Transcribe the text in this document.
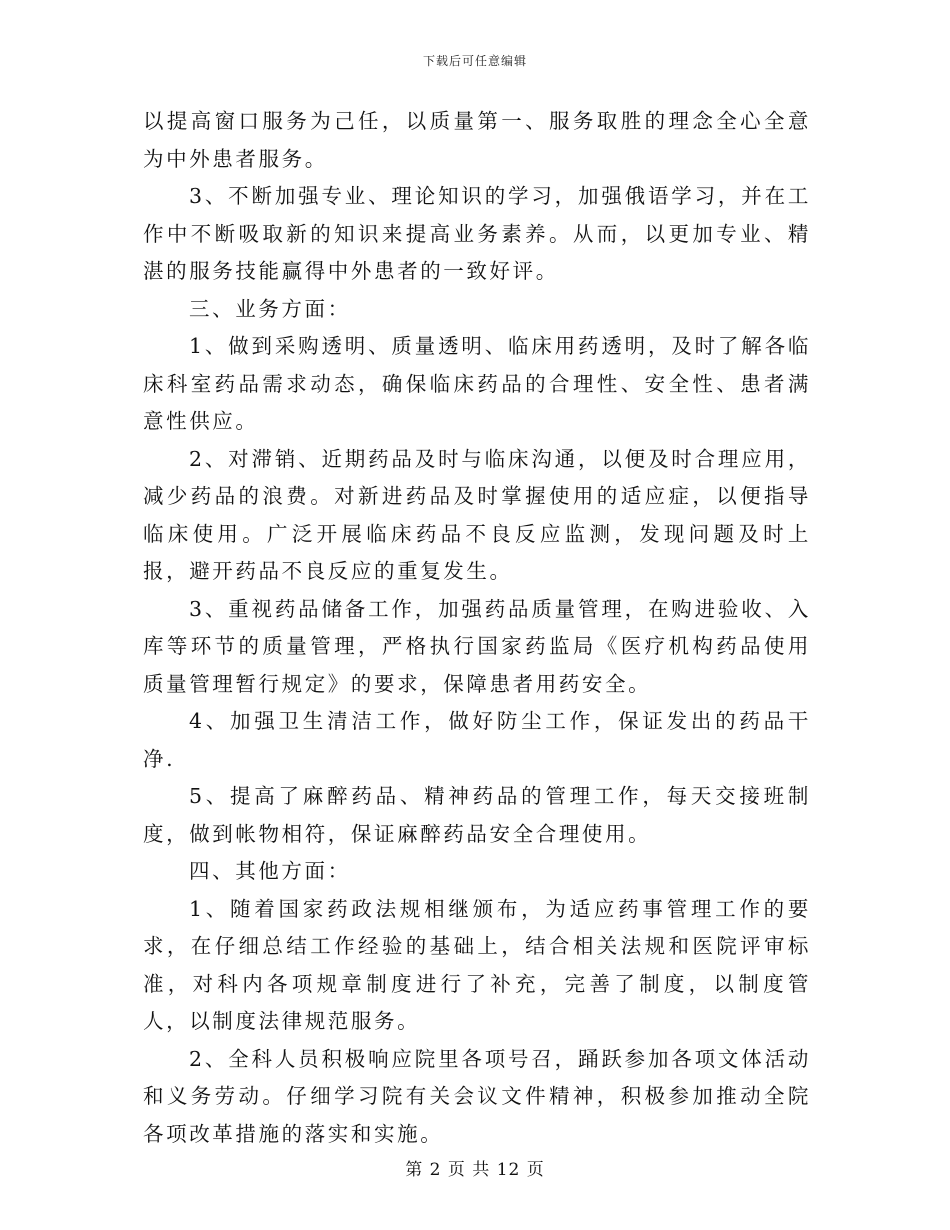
下载后可任意编辑

以提高窗口服务为己任，以质量第一、服务取胜的理念全心全意为中外患者服务。

3、不断加强专业、理论知识的学习，加强俄语学习，并在工作中不断吸取新的知识来提高业务素养。从而，以更加专业、精湛的服务技能赢得中外患者的一致好评。

三、业务方面：

1、做到采购透明、质量透明、临床用药透明，及时了解各临床科室药品需求动态，确保临床药品的合理性、安全性、患者满意性供应。

2、对滞销、近期药品及时与临床沟通，以便及时合理应用，减少药品的浪费。对新进药品及时掌握使用的适应症，以便指导临床使用。广泛开展临床药品不良反应监测，发现问题及时上报，避开药品不良反应的重复发生。

3、重视药品储备工作，加强药品质量管理，在购进验收、入库等环节的质量管理，严格执行国家药监局《医疗机构药品使用质量管理暂行规定》的要求，保障患者用药安全。

4、加强卫生清洁工作，做好防尘工作，保证发出的药品干净.

5、提高了麻醉药品、精神药品的管理工作，每天交接班制度，做到帐物相符，保证麻醉药品安全合理使用。

四、其他方面：

1、随着国家药政法规相继颁布，为适应药事管理工作的要求，在仔细总结工作经验的基础上，结合相关法规和医院评审标准，对科内各项规章制度进行了补充，完善了制度，以制度管人，以制度法律规范服务。

2、全科人员积极响应院里各项号召，踊跃参加各项文体活动和义务劳动。仔细学习院有关会议文件精神，积极参加推动全院各项改革措施的落实和实施。

第 2 页 共 12 页
